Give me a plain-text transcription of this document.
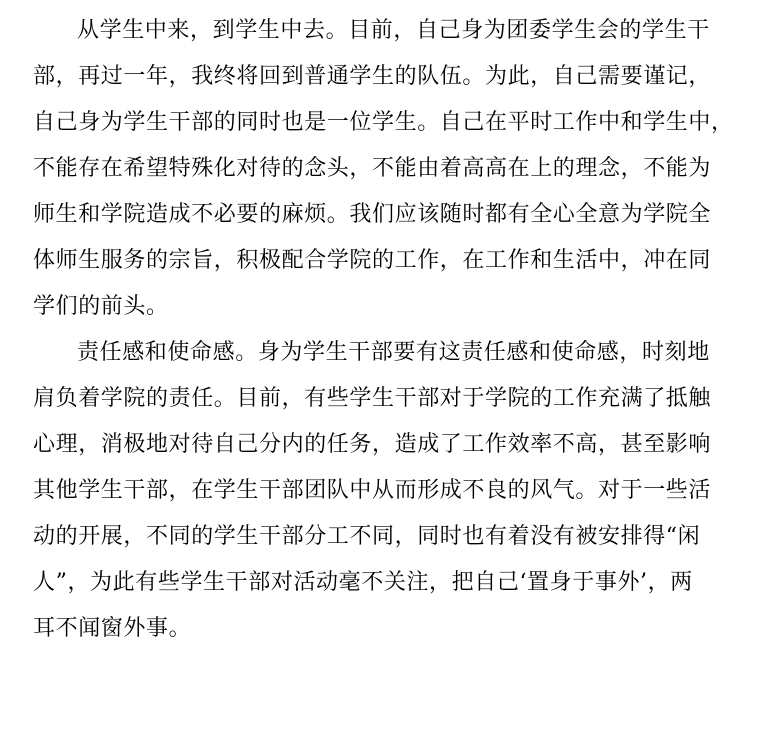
从学生中来，到学生中去。目前，自己身为团委学生会的学生干
部，再过一年，我终将回到普通学生的队伍。为此，自己需要谨记，
自己身为学生干部的同时也是一位学生。自己在平时工作中和学生中，
不能存在希望特殊化对待的念头，不能由着高高在上的理念，不能为
师生和学院造成不必要的麻烦。我们应该随时都有全心全意为学院全
体师生服务的宗旨，积极配合学院的工作，在工作和生活中，冲在同
学们的前头。
责任感和使命感。身为学生干部要有这责任感和使命感，时刻地
肩负着学院的责任。目前，有些学生干部对于学院的工作充满了抵触
心理，消极地对待自己分内的任务，造成了工作效率不高，甚至影响
其他学生干部，在学生干部团队中从而形成不良的风气。对于一些活
动的开展，不同的学生干部分工不同，同时也有着没有被安排得“闲
人”，为此有些学生干部对活动毫不关注，把自己‘置身于事外’，两
耳不闻窗外事。
